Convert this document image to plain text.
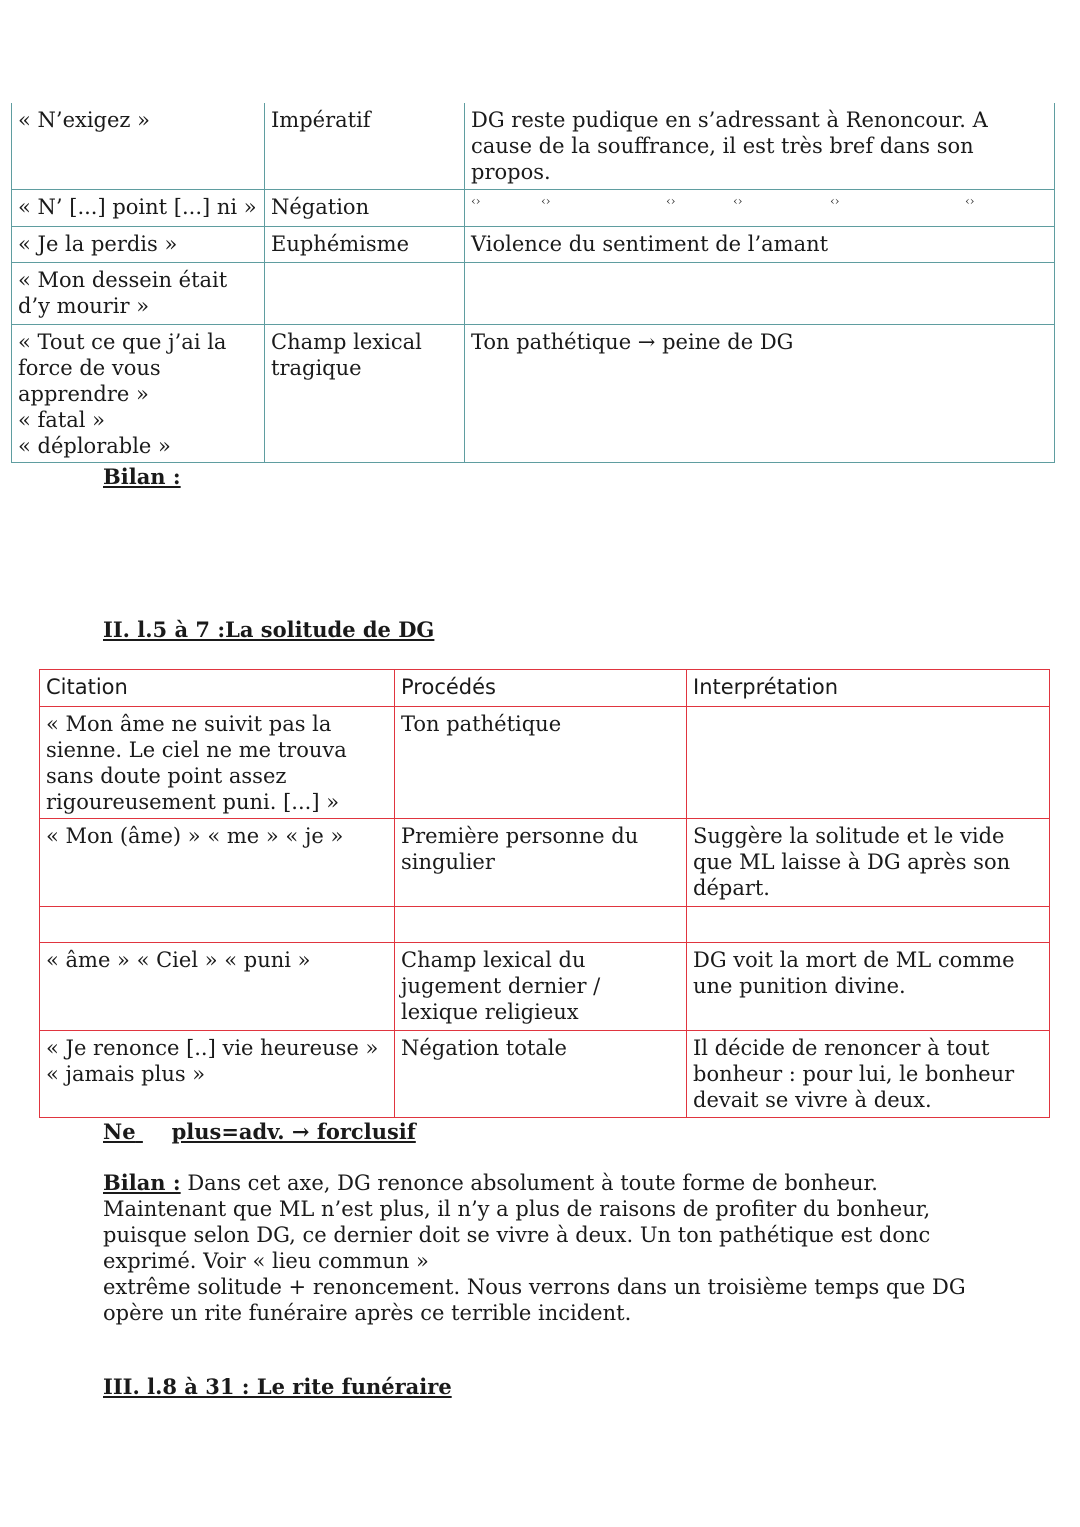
« N’exigez »	Impératif	DG reste pudique en s’adressant à Renoncour. A cause de la souffrance, il est très bref dans son propos.

« N’ [...] point [...] ni »	Négation	‹› ‹› ‹› ‹› ‹› ‹›

« Je la perdis »	Euphémisme	Violence du sentiment de l’amant

« Mon dessein était d’y mourir »		

« Tout ce que j’ai la force de vous apprendre »
« fatal »
« déplorable »	Champ lexical tragique	Ton pathétique → peine de DG
Bilan :
II. l.5 à 7 :La solitude de DG
Citation	Procédés	Interprétation

« Mon âme ne suivit pas la sienne. Le ciel ne me trouva sans doute point assez rigoureusement puni. [...] »	Ton pathétique	

« Mon (âme) » « me » « je »	Première personne du singulier	Suggère la solitude et le vide que ML laisse à DG après son départ.

« âme » « Ciel » « puni »	Champ lexical du jugement dernier / lexique religieux	DG voit la mort de ML comme une punition divine.

« Je renonce [..] vie heureuse »
« jamais plus »	Négation totale	Il décide de renoncer à tout bonheur : pour lui, le bonheur devait se vivre à deux.
Ne plus=adv. → forclusif
Bilan : Dans cet axe, DG renonce absolument à toute forme de bonheur. Maintenant que ML n’est plus, il n’y a plus de raisons de profiter du bonheur, puisque selon DG, ce dernier doit se vivre à deux. Un ton pathétique est donc exprimé. Voir « lieu commun »
extrême solitude + renoncement. Nous verrons dans un troisième temps que DG opère un rite funéraire après ce terrible incident.
III. l.8 à 31 : Le rite funéraire
